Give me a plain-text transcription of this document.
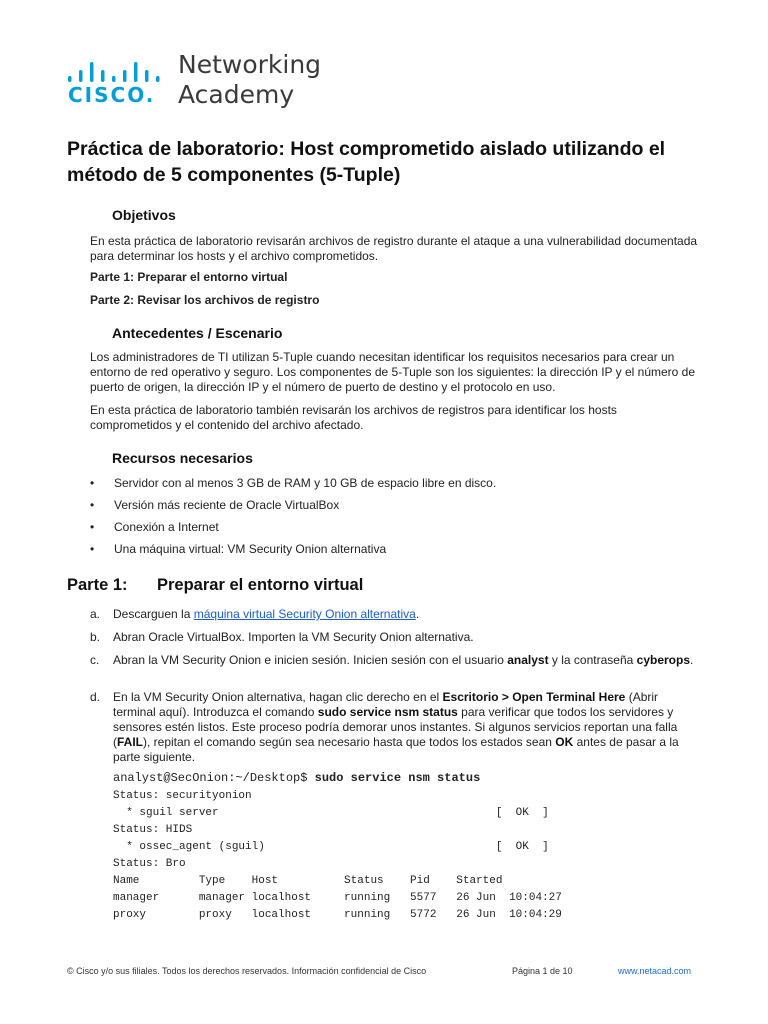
CISCO.
Networking
Academy
Práctica de laboratorio: Host comprometido aislado utilizando el método de 5 componentes (5-Tuple)
Objetivos

En esta práctica de laboratorio revisarán archivos de registro durante el ataque a una vulnerabilidad documentada para determinar los hosts y el archivo comprometidos.

Parte 1: Preparar el entorno virtual

Parte 2: Revisar los archivos de registro

Antecedentes / Escenario

Los administradores de TI utilizan 5-Tuple cuando necesitan identificar los requisitos necesarios para crear un entorno de red operativo y seguro. Los componentes de 5-Tuple son los siguientes: la dirección IP y el número de puerto de origen, la dirección IP y el número de puerto de destino y el protocolo en uso.

En esta práctica de laboratorio también revisarán los archivos de registros para identificar los hosts comprometidos y el contenido del archivo afectado.

Recursos necesarios
• Servidor con al menos 3 GB de RAM y 10 GB de espacio libre en disco.
• Versión más reciente de Oracle VirtualBox
• Conexión a Internet
• Una máquina virtual: VM Security Onion alternativa
Parte 1: Preparar el entorno virtual
a. Descarguen la máquina virtual Security Onion alternativa.
b. Abran Oracle VirtualBox. Importen la VM Security Onion alternativa.
c. Abran la VM Security Onion e inicien sesión. Inicien sesión con el usuario analyst y la contraseña cyberops.
d. En la VM Security Onion alternativa, hagan clic derecho en el Escritorio > Open Terminal Here (Abrir terminal aquí). Introduzca el comando sudo service nsm status para verificar que todos los servidores y sensores estén listos. Este proceso podría demorar unos instantes. Si algunos servicios reportan una falla (FAIL), repitan el comando según sea necesario hasta que todos los estados sean OK antes de pasar a la parte siguiente.
analyst@SecOnion:~/Desktop$ sudo service nsm status
Status: securityonion
* sguil server                                          [  OK  ]
Status: HIDS
* ossec_agent (sguil)                                   [  OK  ]
Status: Bro
Name         Type    Host          Status    Pid    Started
manager      manager localhost     running   5577   26 Jun  10:04:27
proxy        proxy   localhost     running   5772   26 Jun  10:04:29
© Cisco y/o sus filiales. Todos los derechos reservados. Información confidencial de Cisco	Página 1 de 10	www.netacad.com
